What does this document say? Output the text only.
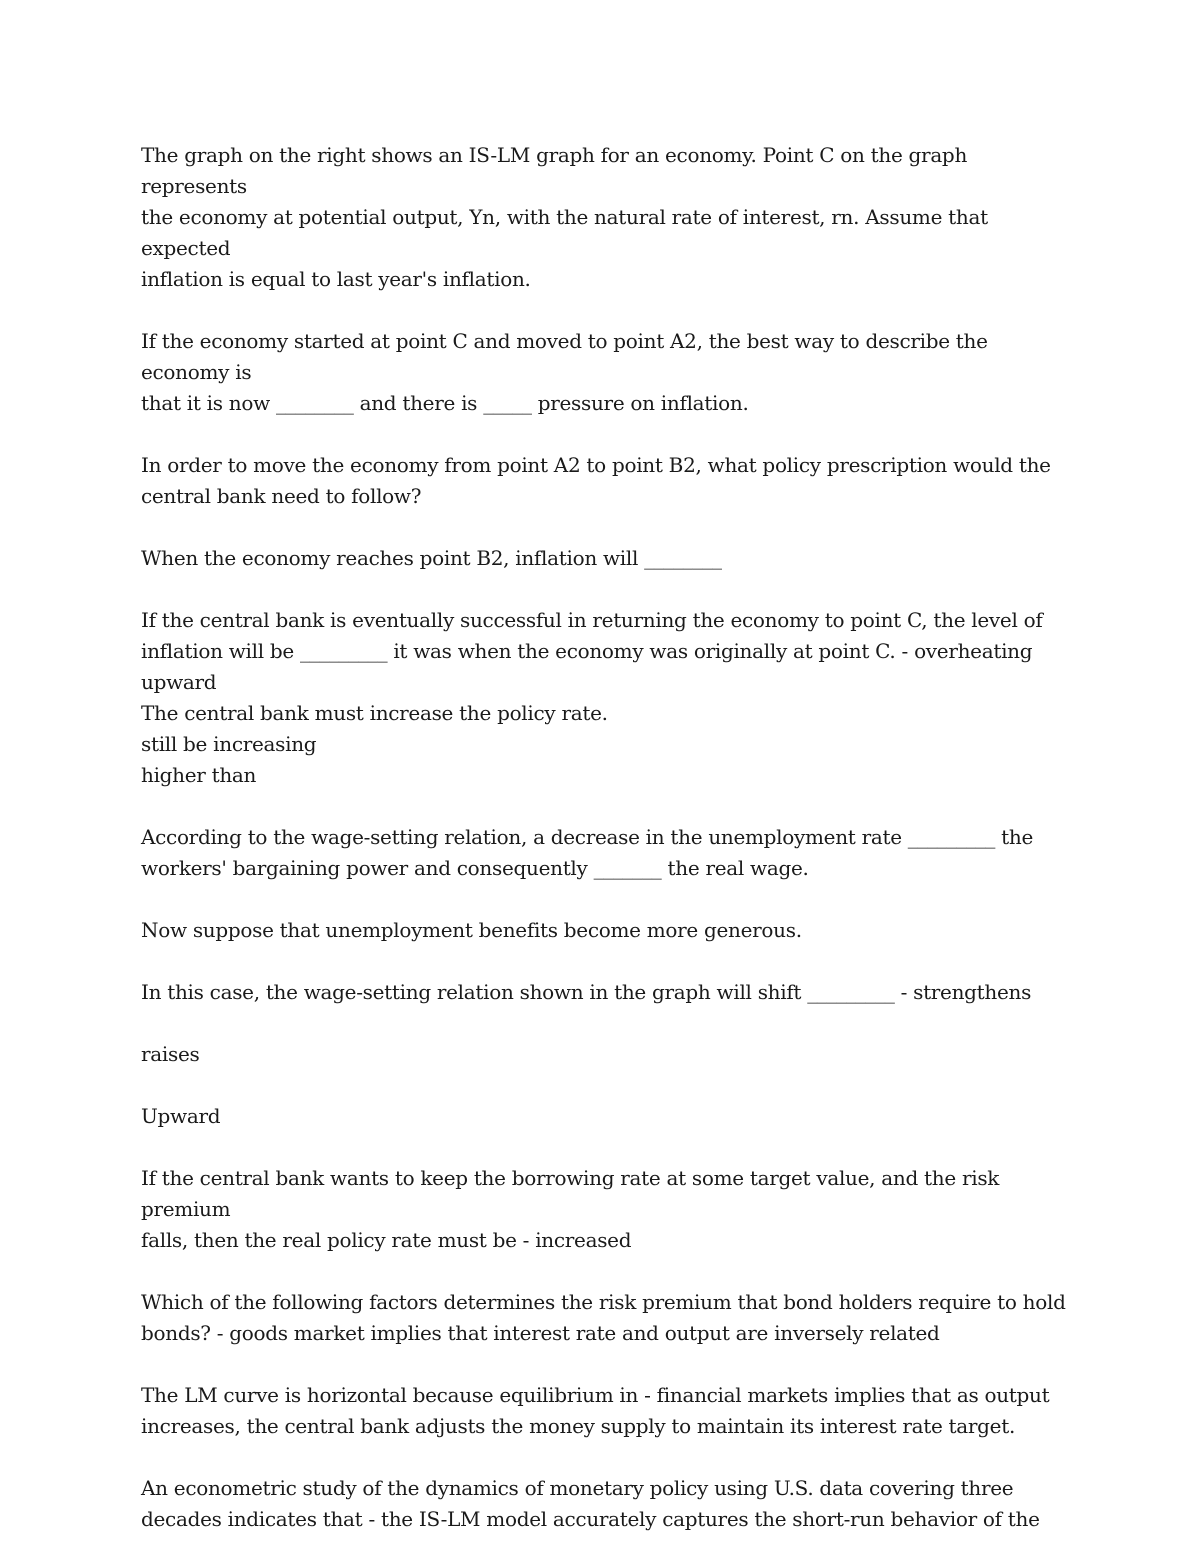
The graph on the right shows an IS-LM graph for an economy. Point C on the graph represents
the economy at potential output, Yn, with the natural rate of interest, rn. Assume that expected
inflation is equal to last year's inflation.

If the economy started at point C and moved to point A2, the best way to describe the economy is
that it is now ________ and there is _____ pressure on inflation.

In order to move the economy from point A2 to point B2, what policy prescription would the
central bank need to follow?

When the economy reaches point B2, inflation will ________

If the central bank is eventually successful in returning the economy to point C, the level of
inflation will be _________ it was when the economy was originally at point C. - overheating
upward
The central bank must increase the policy rate.
still be increasing
higher than

According to the wage-setting relation, a decrease in the unemployment rate _________ the
workers' bargaining power and consequently _______ the real wage.

Now suppose that unemployment benefits become more generous.

In this case, the wage-setting relation shown in the graph will shift _________ - strengthens

raises

Upward

If the central bank wants to keep the borrowing rate at some target value, and the risk premium
falls, then the real policy rate must be - increased

Which of the following factors determines the risk premium that bond holders require to hold
bonds? - goods market implies that interest rate and output are inversely related

The LM curve is horizontal because equilibrium in - financial markets implies that as output
increases, the central bank adjusts the money supply to maintain its interest rate target.

An econometric study of the dynamics of monetary policy using U.S. data covering three
decades indicates that - the IS-LM model accurately captures the short-run behavior of the
